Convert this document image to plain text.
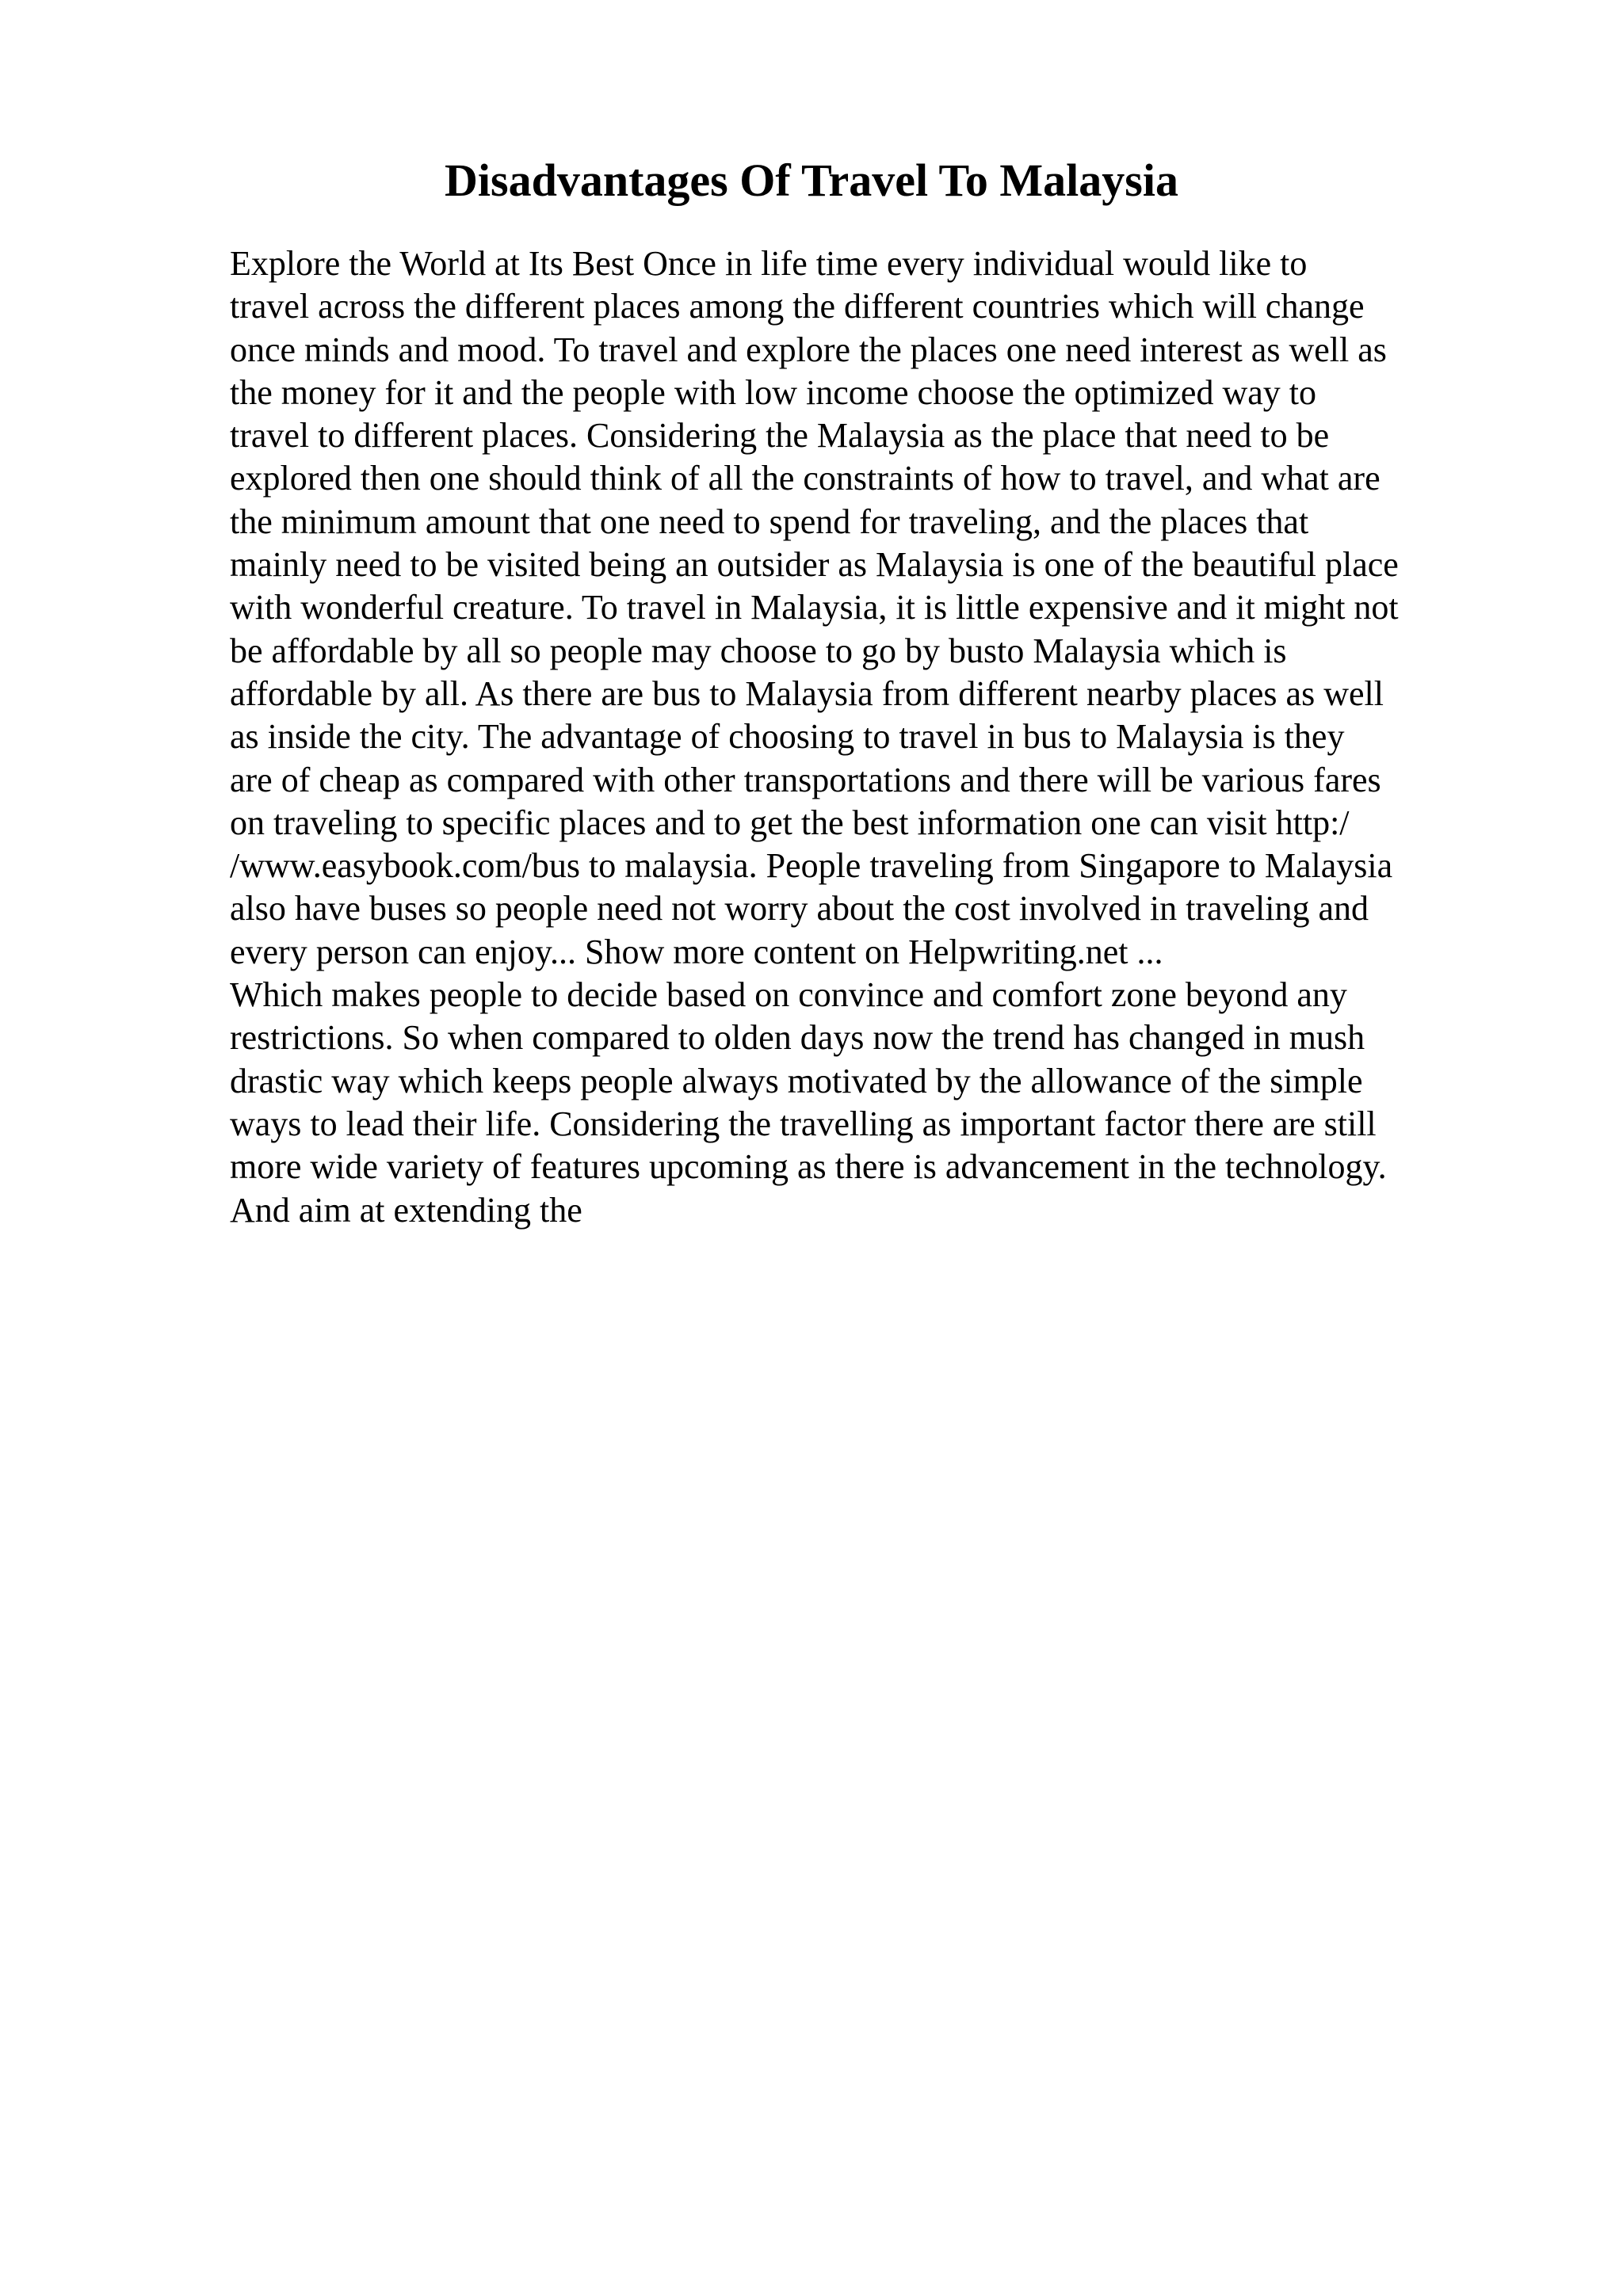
Disadvantages Of Travel To Malaysia
Explore the World at Its Best Once in life time every individual would like to
travel across the different places among the different countries which will change
once minds and mood. To travel and explore the places one need interest as well as
the money for it and the people with low income choose the optimized way to
travel to different places. Considering the Malaysia as the place that need to be
explored then one should think of all the constraints of how to travel, and what are
the minimum amount that one need to spend for traveling, and the places that
mainly need to be visited being an outsider as Malaysia is one of the beautiful place
with wonderful creature. To travel in Malaysia, it is little expensive and it might not
be affordable by all so people may choose to go by busto Malaysia which is
affordable by all. As there are bus to Malaysia from different nearby places as well
as inside the city. The advantage of choosing to travel in bus to Malaysia is they
are of cheap as compared with other transportations and there will be various fares
on traveling to specific places and to get the best information one can visit http:/
/www.easybook.com/bus to malaysia. People traveling from Singapore to Malaysia
also have buses so people need not worry about the cost involved in traveling and
every person can enjoy... Show more content on Helpwriting.net ...
Which makes people to decide based on convince and comfort zone beyond any
restrictions. So when compared to olden days now the trend has changed in mush
drastic way which keeps people always motivated by the allowance of the simple
ways to lead their life. Considering the travelling as important factor there are still
more wide variety of features upcoming as there is advancement in the technology.
And aim at extending the
